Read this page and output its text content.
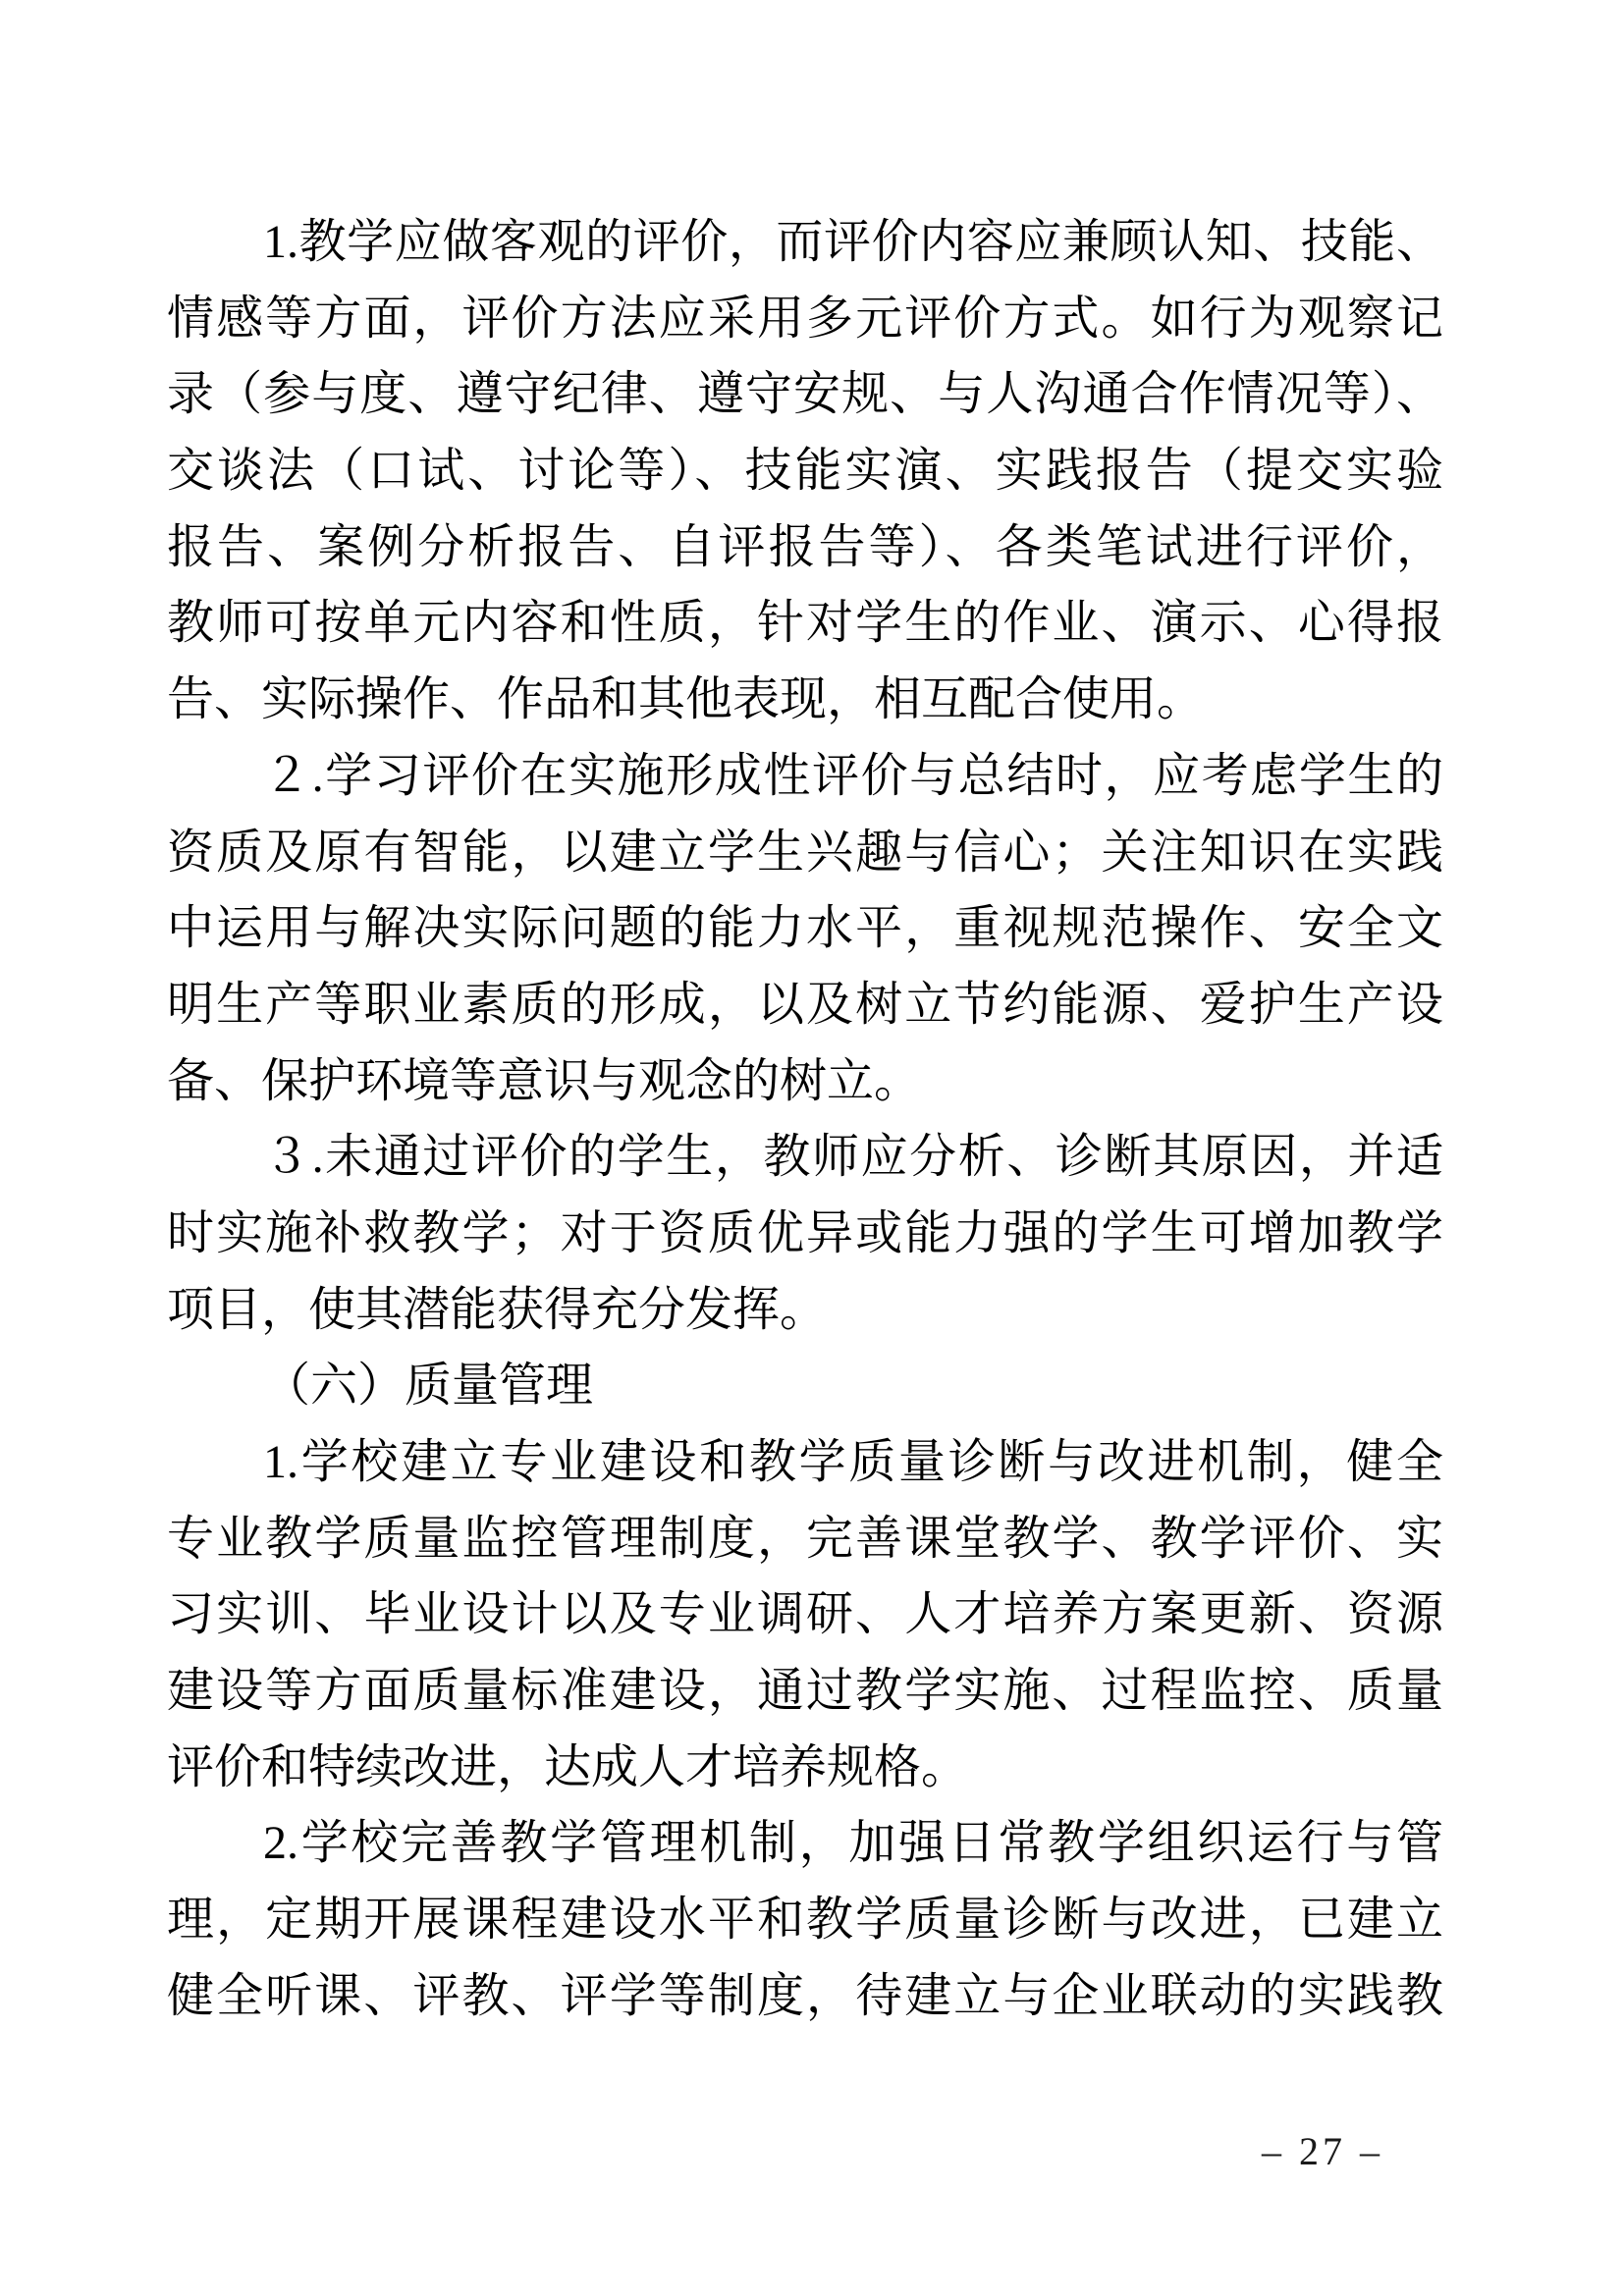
1.教学应做客观的评价，而评价内容应兼顾认知、技能、
情感等方面，评价方法应采用多元评价方式。如行为观察记
录（参与度、遵守纪律、遵守安规、与人沟通合作情况等）、
交谈法（口试、讨论等）、技能实演、实践报告（提交实验
报告、案例分析报告、自评报告等）、各类笔试进行评价，
教师可按单元内容和性质，针对学生的作业、演示、心得报
告、实际操作、作品和其他表现，相互配合使用。
２.学习评价在实施形成性评价与总结时，应考虑学生的
资质及原有智能，以建立学生兴趣与信心；关注知识在实践
中运用与解决实际问题的能力水平，重视规范操作、安全文
明生产等职业素质的形成，以及树立节约能源、爱护生产设
备、保护环境等意识与观念的树立。
３.未通过评价的学生，教师应分析、诊断其原因，并适
时实施补救教学；对于资质优异或能力强的学生可增加教学
项目，使其潜能获得充分发挥。
（六）质量管理
1.学校建立专业建设和教学质量诊断与改进机制，健全
专业教学质量监控管理制度，完善课堂教学、教学评价、实
习实训、毕业设计以及专业调研、人才培养方案更新、资源
建设等方面质量标准建设，通过教学实施、过程监控、质量
评价和特续改进，达成人才培养规格。
2.学校完善教学管理机制，加强日常教学组织运行与管
理，定期开展课程建设水平和教学质量诊断与改进，已建立
健全听课、评教、评学等制度，待建立与企业联动的实践教
– 27 –
